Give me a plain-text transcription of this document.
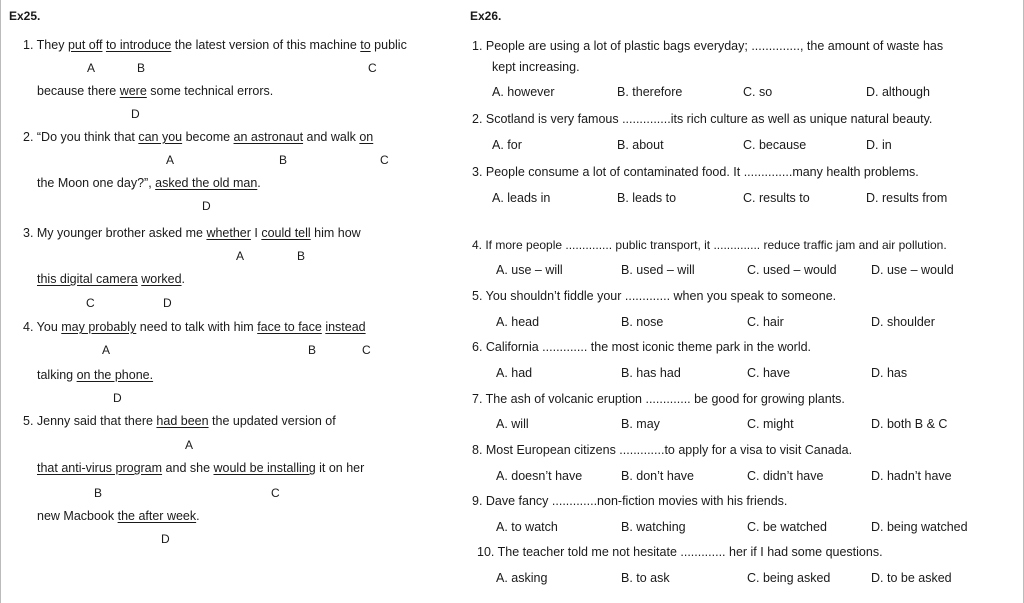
Ex25.
1. They put off to introduce the latest version of this machine to public
A	B	C
because there were some technical errors.
D
2. “Do you think that can you become an astronaut and walk on
A	B	C
the Moon one day?”, asked the old man.
D
3. My younger brother asked me whether I could tell him how
A	B
this digital camera worked.
C	D
4. You may probably need to talk with him face to face instead
A	B	C
talking on the phone.
D
5. Jenny said that there had been the updated version of
A
that anti-virus program and she would be installing it on her
B	C
new Macbook the after week.
D
Ex26.
1. People are using a lot of plastic bags everyday; .............., the amount of waste has
kept increasing.
A. however	B. therefore	C. so	D. although
2. Scotland is very famous ..............its rich culture as well as unique natural beauty.
A. for	B. about	C. because	D. in
3. People consume a lot of contaminated food. It ..............many health problems.
A. leads in	B. leads to	C. results to	D. results from
4. If more people .............. public transport, it .............. reduce traffic jam and air pollution.
A. use – will	B. used – will	C. used – would	D. use – would
5. You shouldn’t fiddle your ............. when you speak to someone.
A. head	B. nose	C. hair	D. shoulder
6. California ............. the most iconic theme park in the world.
A. had	B. has had	C. have	D. has
7. The ash of volcanic eruption ............. be good for growing plants.
A. will	B. may	C. might	D. both B & C
8. Most European citizens .............to apply for a visa to visit Canada.
A. doesn’t have	B. don’t have	C. didn’t have	D. hadn’t have
9. Dave fancy .............non-fiction movies with his friends.
A. to watch	B. watching	C. be watched	D. being watched
10. The teacher told me not hesitate ............. her if I had some questions.
A. asking	B. to ask	C. being asked	D. to be asked
